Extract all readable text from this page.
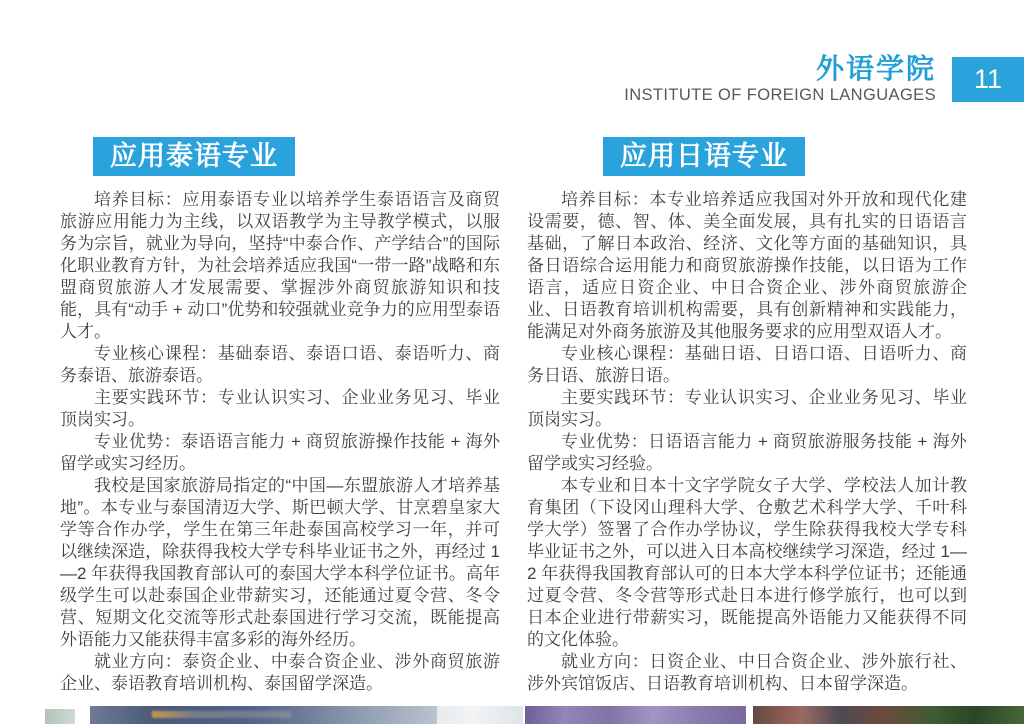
外语学院
INSTITUTE OF FOREIGN LANGUAGES
11
应用泰语专业

培养目标：应用泰语专业以培养学生泰语语言及商贸旅游应用能力为主线，以双语教学为主导教学模式，以服务为宗旨，就业为导向，坚持“中泰合作、产学结合”的国际化职业教育方针，为社会培养适应我国“一带一路”战略和东盟商贸旅游人才发展需要、掌握涉外商贸旅游知识和技能，具有“动手 + 动口”优势和较强就业竞争力的应用型泰语人才。

专业核心课程：基础泰语、泰语口语、泰语听力、商务泰语、旅游泰语。

主要实践环节：专业认识实习、企业业务见习、毕业顶岗实习。

专业优势：泰语语言能力 + 商贸旅游操作技能 + 海外留学或实习经历。

我校是国家旅游局指定的“中国—东盟旅游人才培养基地”。本专业与泰国清迈大学、斯巴顿大学、甘烹碧皇家大学等合作办学，学生在第三年赴泰国高校学习一年，并可以继续深造，除获得我校大学专科毕业证书之外，再经过 1—2 年获得我国教育部认可的泰国大学本科学位证书。高年级学生可以赴泰国企业带薪实习，还能通过夏令营、冬令营、短期文化交流等形式赴泰国进行学习交流，既能提高外语能力又能获得丰富多彩的海外经历。

就业方向：泰资企业、中泰合资企业、涉外商贸旅游企业、泰语教育培训机构、泰国留学深造。

应用日语专业

培养目标：本专业培养适应我国对外开放和现代化建设需要，德、智、体、美全面发展，具有扎实的日语语言基础，了解日本政治、经济、文化等方面的基础知识，具备日语综合运用能力和商贸旅游操作技能，以日语为工作语言，适应日资企业、中日合资企业、涉外商贸旅游企业、日语教育培训机构需要，具有创新精神和实践能力，能满足对外商务旅游及其他服务要求的应用型双语人才。

专业核心课程：基础日语、日语口语、日语听力、商务日语、旅游日语。

主要实践环节：专业认识实习、企业业务见习、毕业顶岗实习。

专业优势：日语语言能力 + 商贸旅游服务技能 + 海外留学或实习经验。

本专业和日本十文字学院女子大学、学校法人加计教育集团（下设冈山理科大学、仓敷艺术科学大学、千叶科学大学）签署了合作办学协议，学生除获得我校大学专科毕业证书之外，可以进入日本高校继续学习深造，经过 1—2 年获得我国教育部认可的日本大学本科学位证书；还能通过夏令营、冬令营等形式赴日本进行修学旅行，也可以到日本企业进行带薪实习，既能提高外语能力又能获得不同的文化体验。

就业方向：日资企业、中日合资企业、涉外旅行社、涉外宾馆饭店、日语教育培训机构、日本留学深造。
